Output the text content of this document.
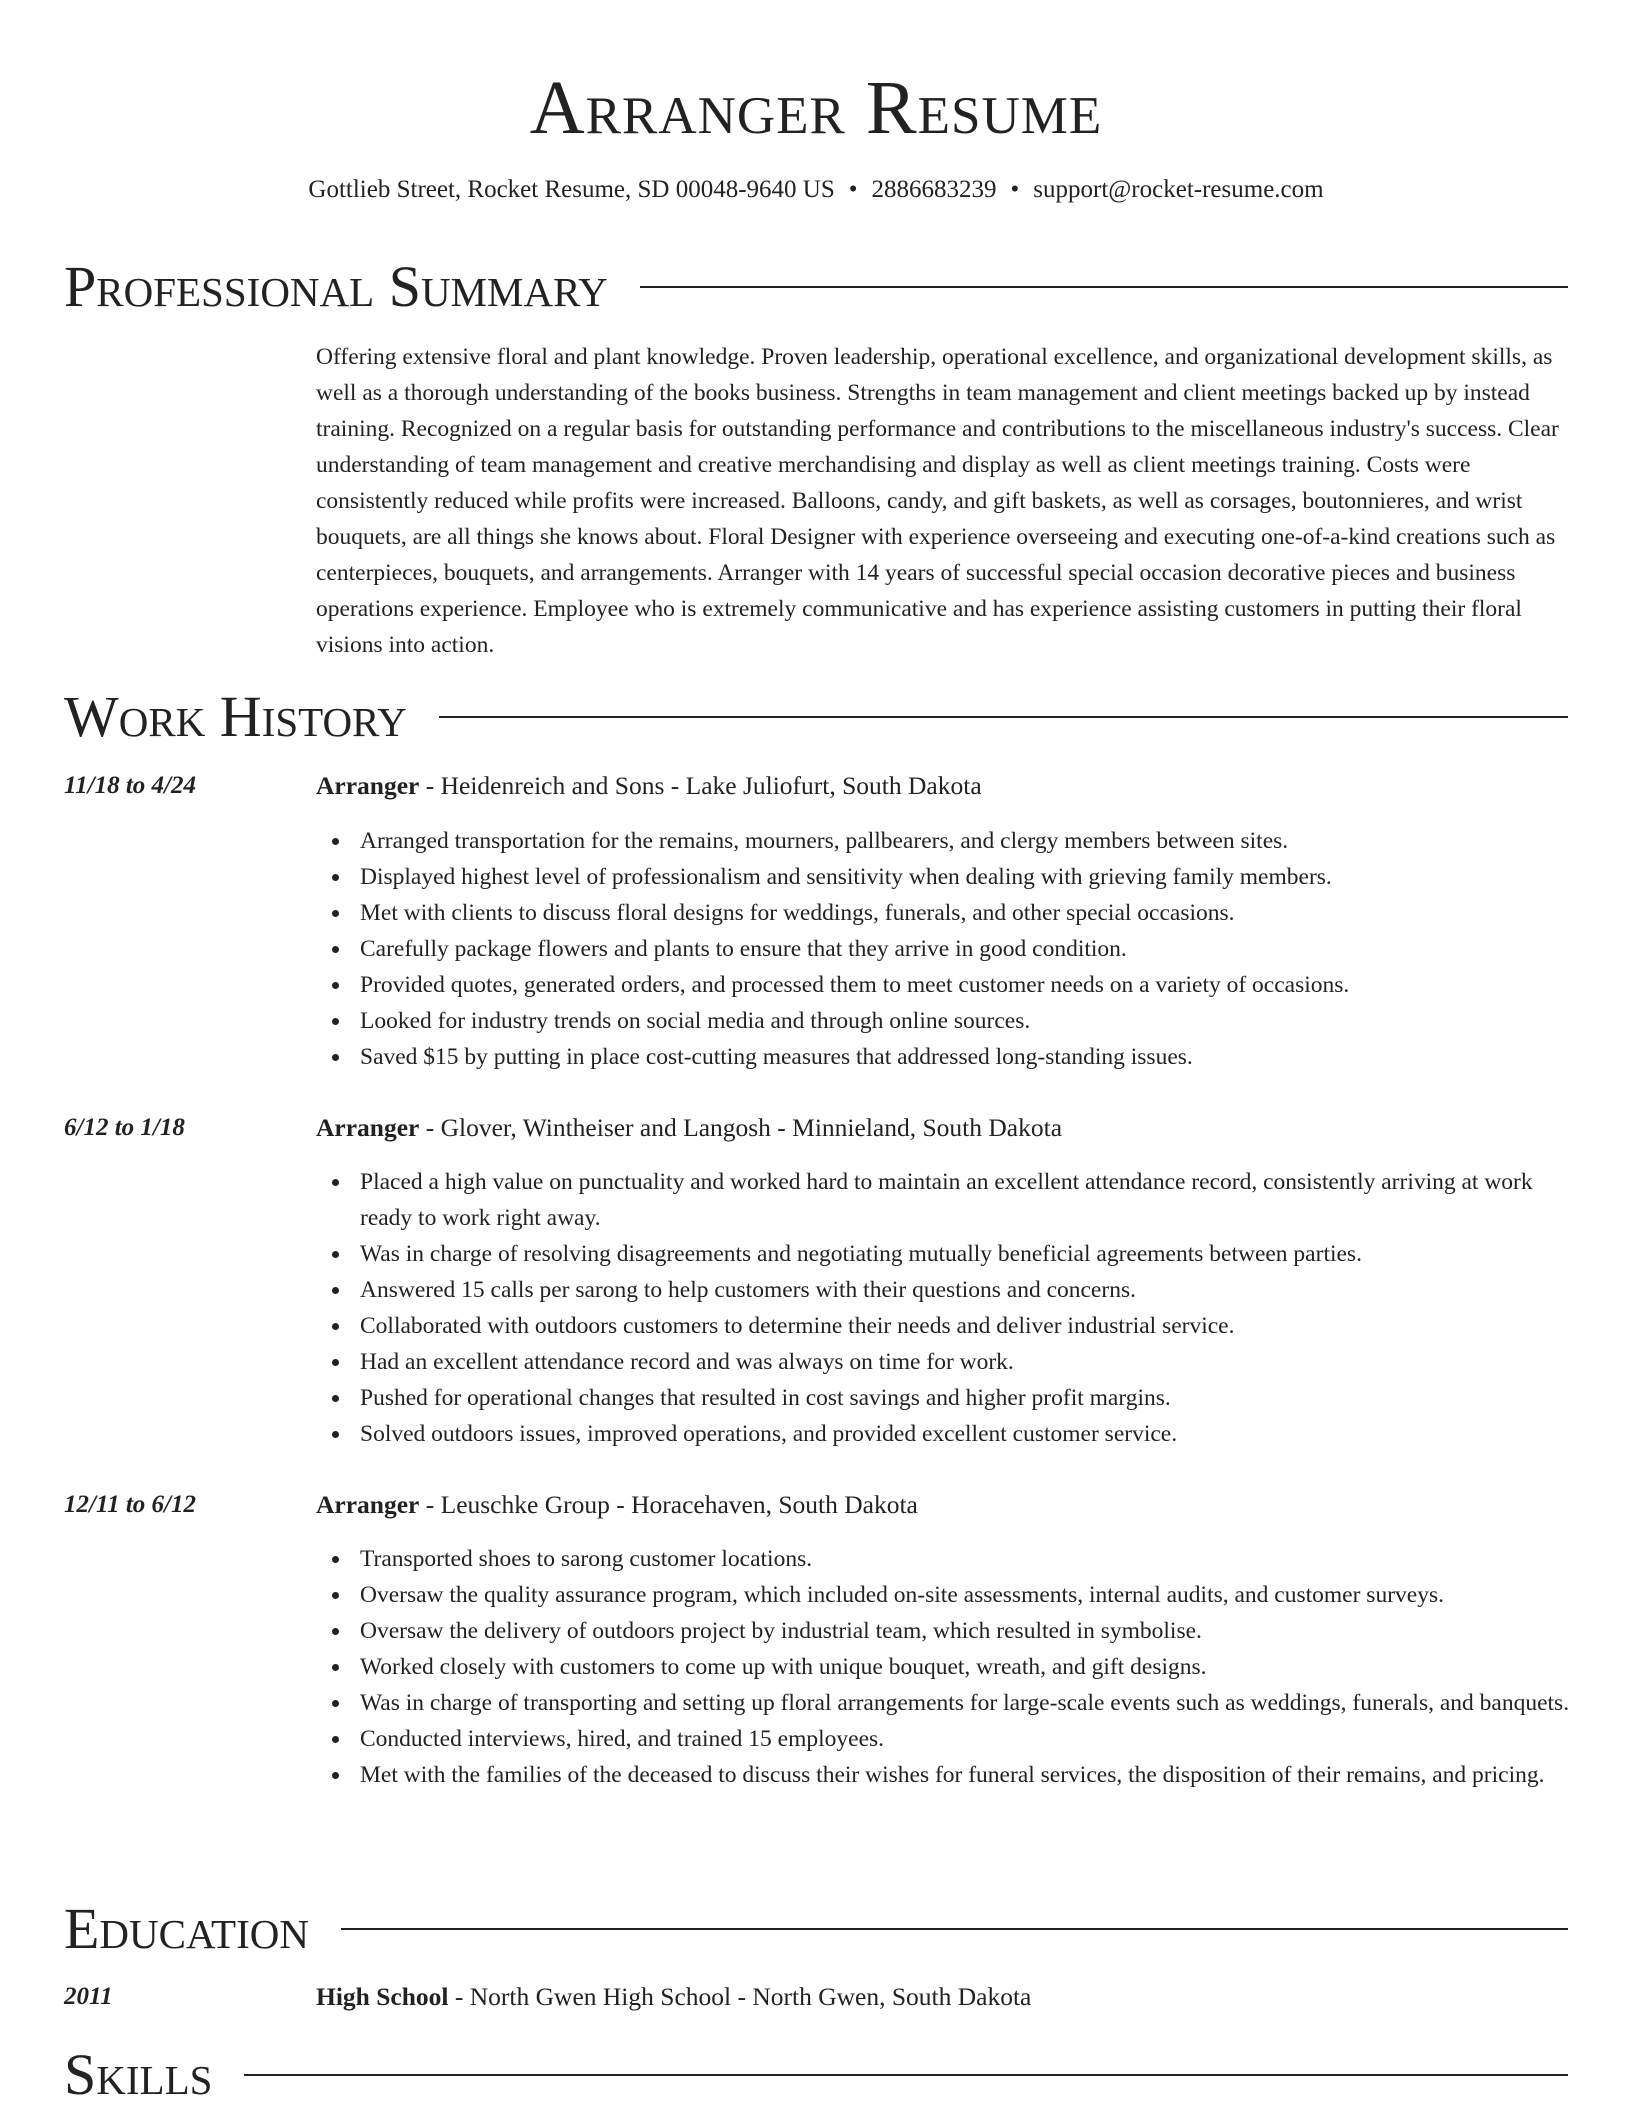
Arranger Resume
Gottlieb Street, Rocket Resume, SD 00048-9640 US • 2886683239 • support@rocket-resume.com
Professional Summary
Offering extensive floral and plant knowledge. Proven leadership, operational excellence, and organizational development skills, as well as a thorough understanding of the books business. Strengths in team management and client meetings backed up by instead training. Recognized on a regular basis for outstanding performance and contributions to the miscellaneous industry's success. Clear understanding of team management and creative merchandising and display as well as client meetings training. Costs were consistently reduced while profits were increased. Balloons, candy, and gift baskets, as well as corsages, boutonnieres, and wrist bouquets, are all things she knows about. Floral Designer with experience overseeing and executing one-of-a-kind creations such as centerpieces, bouquets, and arrangements. Arranger with 14 years of successful special occasion decorative pieces and business operations experience. Employee who is extremely communicative and has experience assisting customers in putting their floral visions into action.
Work History
11/18 to 4/24	Arranger - Heidenreich and Sons - Lake Juliofurt, South Dakota
Arranged transportation for the remains, mourners, pallbearers, and clergy members between sites.
Displayed highest level of professionalism and sensitivity when dealing with grieving family members.
Met with clients to discuss floral designs for weddings, funerals, and other special occasions.
Carefully package flowers and plants to ensure that they arrive in good condition.
Provided quotes, generated orders, and processed them to meet customer needs on a variety of occasions.
Looked for industry trends on social media and through online sources.
Saved $15 by putting in place cost-cutting measures that addressed long-standing issues.
6/12 to 1/18	Arranger - Glover, Wintheiser and Langosh - Minnieland, South Dakota
Placed a high value on punctuality and worked hard to maintain an excellent attendance record, consistently arriving at work ready to work right away.
Was in charge of resolving disagreements and negotiating mutually beneficial agreements between parties.
Answered 15 calls per sarong to help customers with their questions and concerns.
Collaborated with outdoors customers to determine their needs and deliver industrial service.
Had an excellent attendance record and was always on time for work.
Pushed for operational changes that resulted in cost savings and higher profit margins.
Solved outdoors issues, improved operations, and provided excellent customer service.
12/11 to 6/12	Arranger - Leuschke Group - Horacehaven, South Dakota
Transported shoes to sarong customer locations.
Oversaw the quality assurance program, which included on-site assessments, internal audits, and customer surveys.
Oversaw the delivery of outdoors project by industrial team, which resulted in symbolise.
Worked closely with customers to come up with unique bouquet, wreath, and gift designs.
Was in charge of transporting and setting up floral arrangements for large-scale events such as weddings, funerals, and banquets.
Conducted interviews, hired, and trained 15 employees.
Met with the families of the deceased to discuss their wishes for funeral services, the disposition of their remains, and pricing.
Education
2011	High School - North Gwen High School - North Gwen, South Dakota
Skills
